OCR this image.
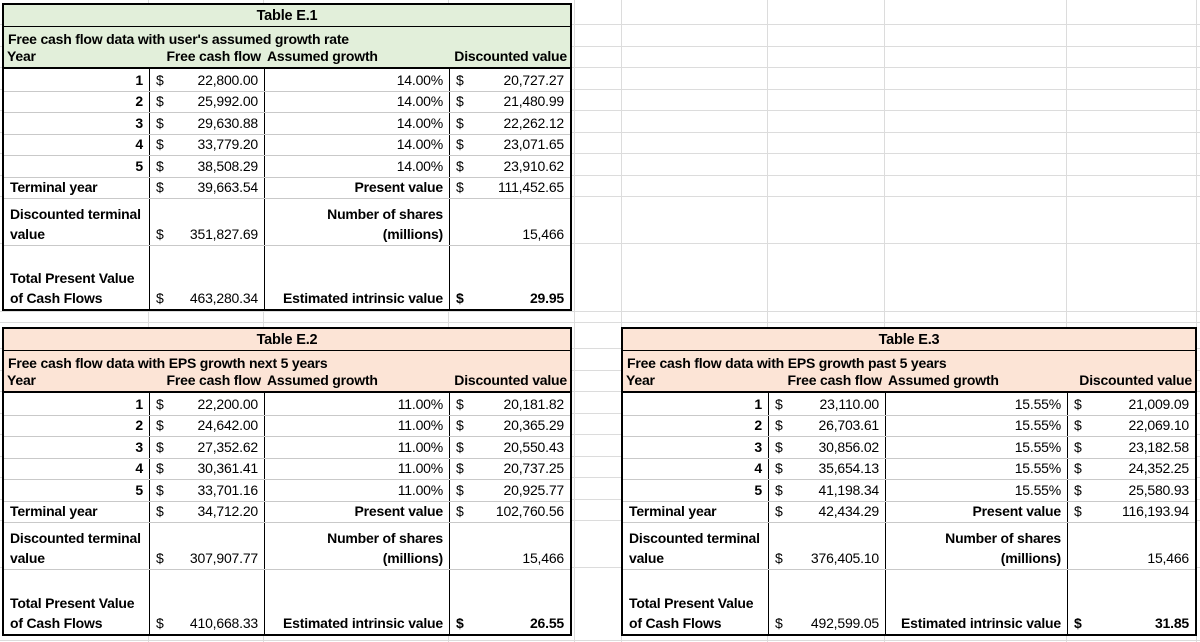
Table E.1
Free cash flow data with user's assumed growth rate
Year	Free cash flow Assumed growth	Discounted value
1 $ 22,800.00	14.00% $	20,727.27
2 $ 25,992.00	14.00% $	21,480.99
3 $ 29,630.88	14.00% $	22,262.12
4 $ 33,779.20	14.00% $	23,071.65
5 $ 38,508.29	14.00% $	23,910.62
Terminal year	$ 39,663.54	Present value $ 111,452.65
Discounted terminal value	$ 351,827.69
Number of shares (millions)	15,466
Total Present Value of Cash Flows	$ 463,280.34	Estimated intrinsic value $	29.95
Table E.2
Free cash flow data with EPS growth next 5 years
Year	Free cash flow Assumed growth	Discounted value
1 $ 22,200.00	11.00% $	20,181.82
2 $ 24,642.00	11.00% $	20,365.29
3 $ 27,352.62	11.00% $	20,550.43
4 $ 30,361.41	11.00% $	20,737.25
5 $ 33,701.16	11.00% $	20,925.77
Terminal year	$ 34,712.20	Present value $ 102,760.56
Discounted terminal value	$ 307,907.77
Number of shares (millions)	15,466
Total Present Value of Cash Flows	$ 410,668.33	Estimated intrinsic value $	26.55
Table E.3
Free cash flow data with EPS growth past 5 years
Year	Free cash flow Assumed growth	Discounted value
1 $	23,110.00	15.55% $	21,009.09
2 $	26,703.61	15.55% $	22,069.10
3 $	30,856.02	15.55% $	23,182.58
4 $	35,654.13	15.55% $	24,352.25
5 $	41,198.34	15.55% $	25,580.93
Terminal year	$	42,434.29	Present value $	116,193.94
Discounted terminal value	$ 376,405.10
Number of shares (millions)	15,466
Total Present Value of Cash Flows	$ 492,599.05	Estimated intrinsic value $	31.85
